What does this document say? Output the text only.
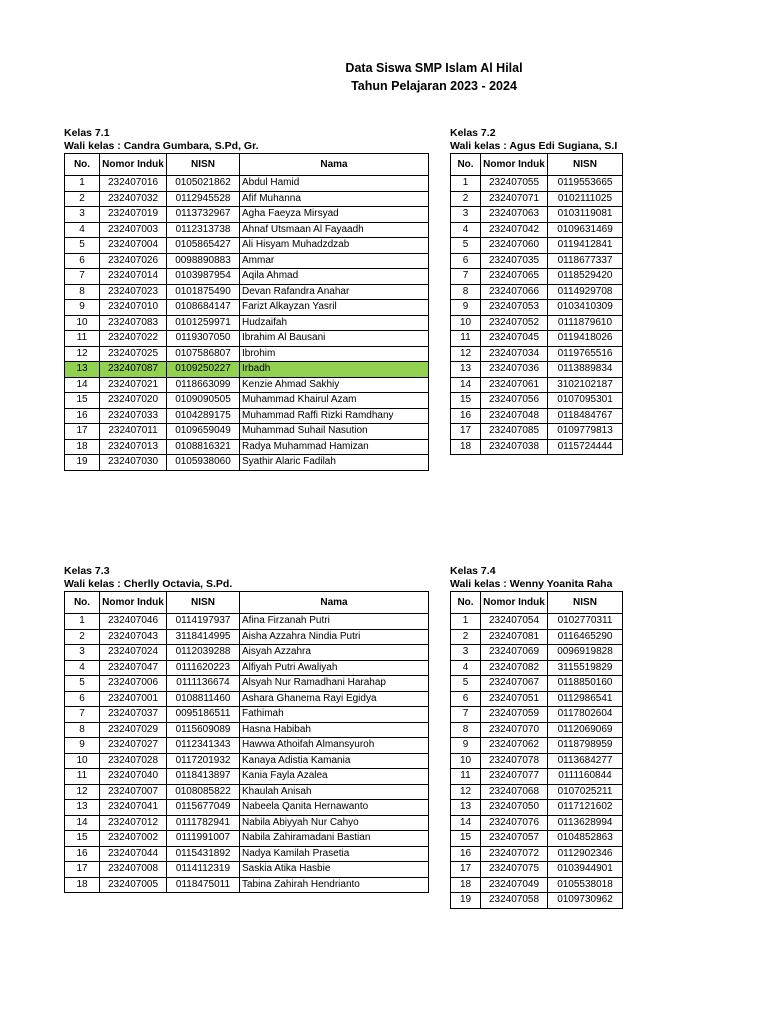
Data Siswa SMP Islam Al Hilal
Tahun Pelajaran 2023 - 2024
Kelas 7.1
Wali kelas : Candra Gumbara, S.Pd, Gr.
No.	Nomor Induk	NISN	Nama
1	232407016	0105021862	Abdul Hamid
2	232407032	0112945528	Afif Muhanna
3	232407019	0113732967	Agha Faeyza Mirsyad
4	232407003	0112313738	Ahnaf Utsmaan Al Fayaadh
5	232407004	0105865427	Ali Hisyam Muhadzdzab
6	232407026	0098890883	Ammar
7	232407014	0103987954	Aqila Ahmad
8	232407023	0101875490	Devan Rafandra Anahar
9	232407010	0108684147	Farizt Alkayzan Yasril
10	232407083	0101259971	Hudzaifah
11	232407022	0119307050	Ibrahim Al Bausani
12	232407025	0107586807	Ibrohim
13	232407087	0109250227	Irbadh
14	232407021	0118663099	Kenzie Ahmad Sakhiy
15	232407020	0109090505	Muhammad Khairul Azam
16	232407033	0104289175	Muhammad Raffi Rizki Ramdhany
17	232407011	0109659049	Muhammad Suhail Nasution
18	232407013	0108816321	Radya Muhammad Hamizan
19	232407030	0105938060	Syathir Alaric Fadilah
Kelas 7.2
Wali kelas : Agus Edi Sugiana, S.I
No.	Nomor Induk	NISN
1	232407055	0119553665
2	232407071	0102111025
3	232407063	0103119081
4	232407042	0109631469
5	232407060	0119412841
6	232407035	0118677337
7	232407065	0118529420
8	232407066	0114929708
9	232407053	0103410309
10	232407052	0111879610
11	232407045	0119418026
12	232407034	0119765516
13	232407036	0113889834
14	232407061	3102102187
15	232407056	0107095301
16	232407048	0118484767
17	232407085	0109779813
18	232407038	0115724444
Kelas 7.3
Wali kelas : Cherlly Octavia, S.Pd.
No.	Nomor Induk	NISN	Nama
1	232407046	0114197937	Afina Firzanah Putri
2	232407043	3118414995	Aisha Azzahra Nindia Putri
3	232407024	0112039288	Aisyah Azzahra
4	232407047	0111620223	Alfiyah Putri Awaliyah
5	232407006	0111136674	Alsyah Nur Ramadhani Harahap
6	232407001	0108811460	Ashara Ghanema Rayi Egidya
7	232407037	0095186511	Fathimah
8	232407029	0115609089	Hasna Habibah
9	232407027	0112341343	Hawwa Athoifah Almansyuroh
10	232407028	0117201932	Kanaya Adistia Kamania
11	232407040	0118413897	Kania Fayla Azalea
12	232407007	0108085822	Khaulah Anisah
13	232407041	0115677049	Nabeela Qanita Hernawanto
14	232407012	0111782941	Nabila Abiyyah Nur Cahyo
15	232407002	0111991007	Nabila Zahiramadani Bastian
16	232407044	0115431892	Nadya Kamilah Prasetia
17	232407008	0114112319	Saskia Atika Hasbie
18	232407005	0118475011	Tabina Zahirah Hendrianto
Kelas 7.4
Wali kelas : Wenny Yoanita Raha
No.	Nomor Induk	NISN
1	232407054	0102770311
2	232407081	0116465290
3	232407069	0096919828
4	232407082	3115519829
5	232407067	0118850160
6	232407051	0112986541
7	232407059	0117802604
8	232407070	0112069069
9	232407062	0118798959
10	232407078	0113684277
11	232407077	0111160844
12	232407068	0107025211
13	232407050	0117121602
14	232407076	0113628994
15	232407057	0104852863
16	232407072	0112902346
17	232407075	0103944901
18	232407049	0105538018
19	232407058	0109730962
